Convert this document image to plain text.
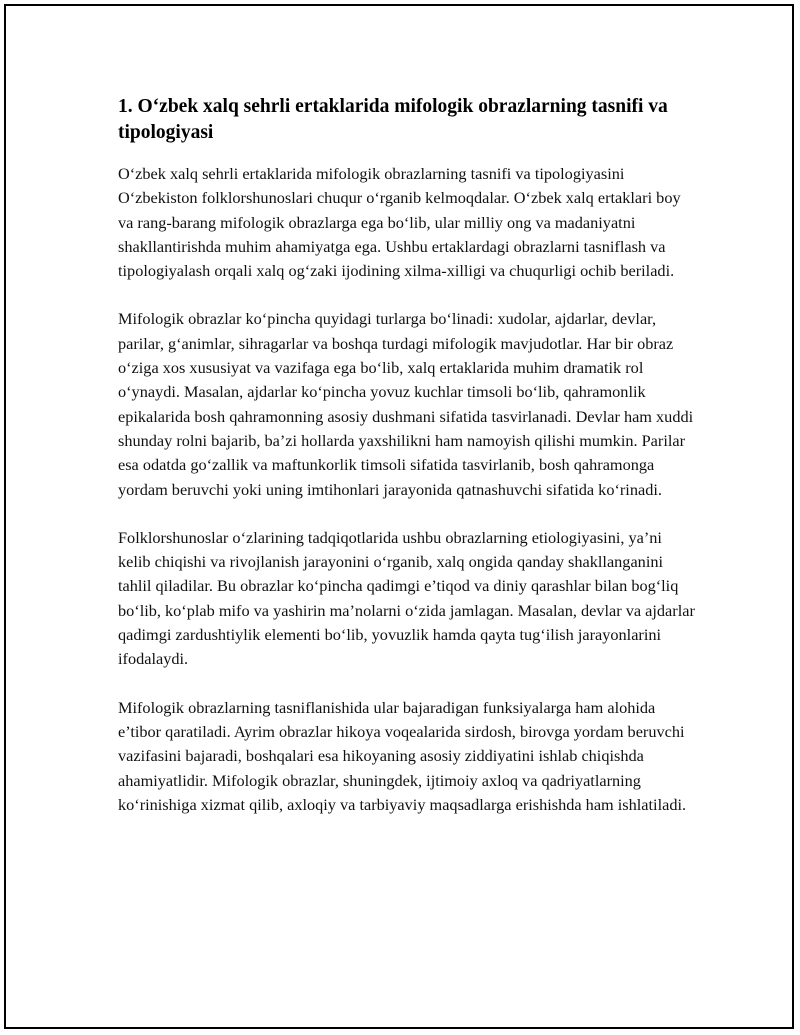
1. O‘zbek xalq sehrli ertaklarida mifologik obrazlarning tasnifi va tipologiyasi

O‘zbek xalq sehrli ertaklarida mifologik obrazlarning tasnifi va tipologiyasini O‘zbekiston folklorshunoslari chuqur o‘rganib kelmoqdalar. O‘zbek xalq ertaklari boy va rang-barang mifologik obrazlarga ega bo‘lib, ular milliy ong va madaniyatni shakllantirishda muhim ahamiyatga ega. Ushbu ertaklardagi obrazlarni tasniflash va tipologiyalash orqali xalq og‘zaki ijodining xilma-xilligi va chuqurligi ochib beriladi.

Mifologik obrazlar ko‘pincha quyidagi turlarga bo‘linadi: xudolar, ajdarlar, devlar, parilar, g‘animlar, sihragarlar va boshqa turdagi mifologik mavjudotlar. Har bir obraz o‘ziga xos xususiyat va vazifaga ega bo‘lib, xalq ertaklarida muhim dramatik rol o‘ynaydi. Masalan, ajdarlar ko‘pincha yovuz kuchlar timsoli bo‘lib, qahramonlik epikalarida bosh qahramonning asosiy dushmani sifatida tasvirlanadi. Devlar ham xuddi shunday rolni bajarib, ba’zi hollarda yaxshilikni ham namoyish qilishi mumkin. Parilar esa odatda go‘zallik va maftunkorlik timsoli sifatida tasvirlanib, bosh qahramonga yordam beruvchi yoki uning imtihonlari jarayonida qatnashuvchi sifatida ko‘rinadi.

Folklorshunoslar o‘zlarining tadqiqotlarida ushbu obrazlarning etiologiyasini, ya’ni kelib chiqishi va rivojlanish jarayonini o‘rganib, xalq ongida qanday shakllanganini tahlil qiladilar. Bu obrazlar ko‘pincha qadimgi e’tiqod va diniy qarashlar bilan bog‘liq bo‘lib, ko‘plab mifo va yashirin ma’nolarni o‘zida jamlagan. Masalan, devlar va ajdarlar qadimgi zardushtiylik elementi bo‘lib, yovuzlik hamda qayta tug‘ilish jarayonlarini ifodalaydi.

Mifologik obrazlarning tasniflanishida ular bajaradigan funksiyalarga ham alohida e’tibor qaratiladi. Ayrim obrazlar hikoya voqealarida sirdosh, birovga yordam beruvchi vazifasini bajaradi, boshqalari esa hikoyaning asosiy ziddiyatini ishlab chiqishda ahamiyatlidir. Mifologik obrazlar, shuningdek, ijtimoiy axloq va qadriyatlarning ko‘rinishiga xizmat qilib, axloqiy va tarbiyaviy maqsadlarga erishishda ham ishlatiladi.
